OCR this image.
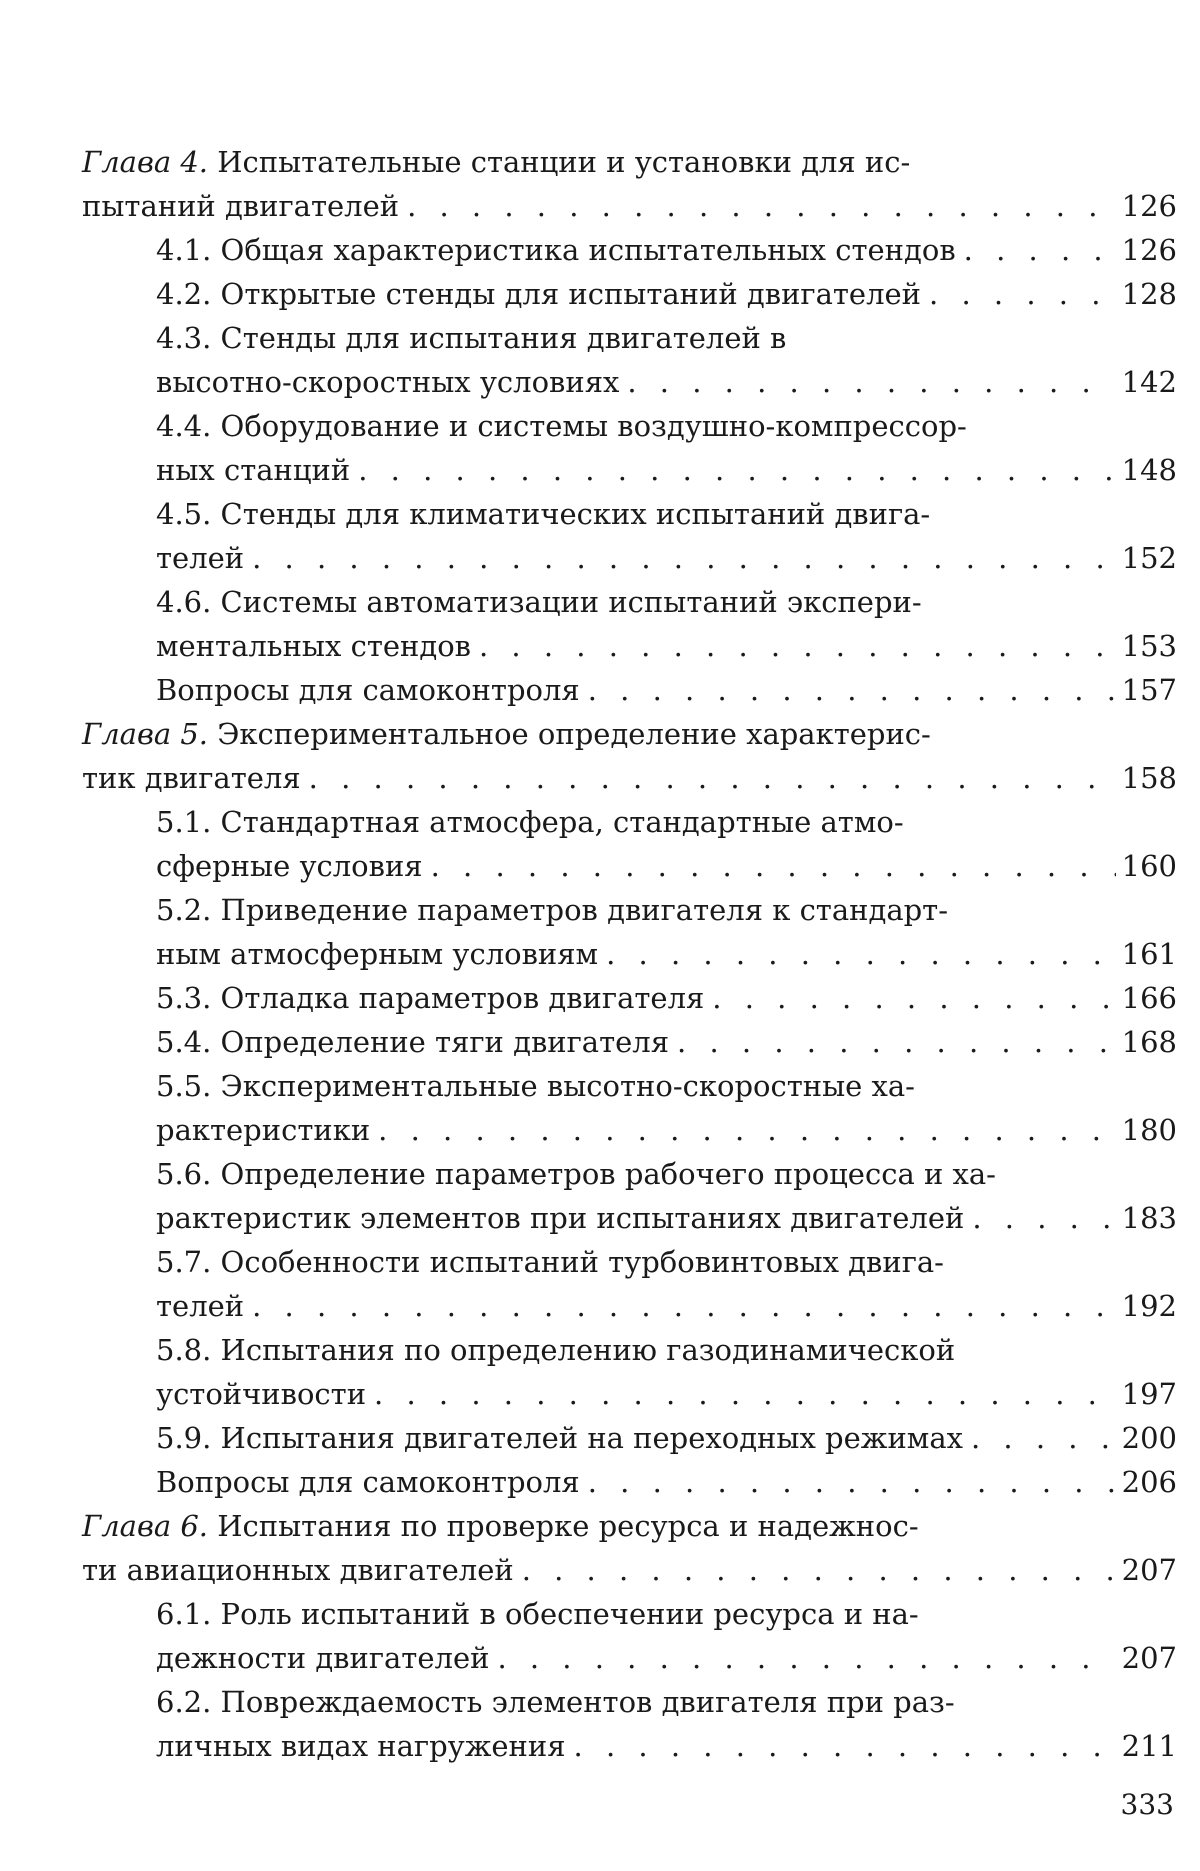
Глава 4. Испытательные станции и установки для ис-
пытаний двигателей . . .	126
4.1. Общая характеристика испытательных стендов . . .	126
4.2. Открытые стенды для испытаний двигателей . . .	128
4.3. Стенды для испытания двигателей в
высотно-скоростных условиях . . .	142
4.4. Оборудование и системы воздушно-компрессор-
ных станций . . .	148
4.5. Стенды для климатических испытаний двига-
телей . . .	152
4.6. Системы автоматизации испытаний экспери-
ментальных стендов . . .	153
Вопросы для самоконтроля . . .	157
Глава 5. Экспериментальное определение характерис-
тик двигателя . . .	158
5.1. Стандартная атмосфера, стандартные атмо-
сферные условия . . .	160
5.2. Приведение параметров двигателя к стандарт-
ным атмосферным условиям . . .	161
5.3. Отладка параметров двигателя . . .	166
5.4. Определение тяги двигателя . . .	168
5.5. Экспериментальные высотно-скоростные ха-
рактеристики . . .	180
5.6. Определение параметров рабочего процесса и ха-
рактеристик элементов при испытаниях двигателей . . .	183
5.7. Особенности испытаний турбовинтовых двига-
телей . . .	192
5.8. Испытания по определению газодинамической
устойчивости . . .	197
5.9. Испытания двигателей на переходных режимах . . .	200
Вопросы для самоконтроля . . .	206
Глава 6. Испытания по проверке ресурса и надежнос-
ти авиационных двигателей . . .	207
6.1. Роль испытаний в обеспечении ресурса и на-
дежности двигателей . . .	207
6.2. Повреждаемость элементов двигателя при раз-
личных видах нагружения . . .	211
333
